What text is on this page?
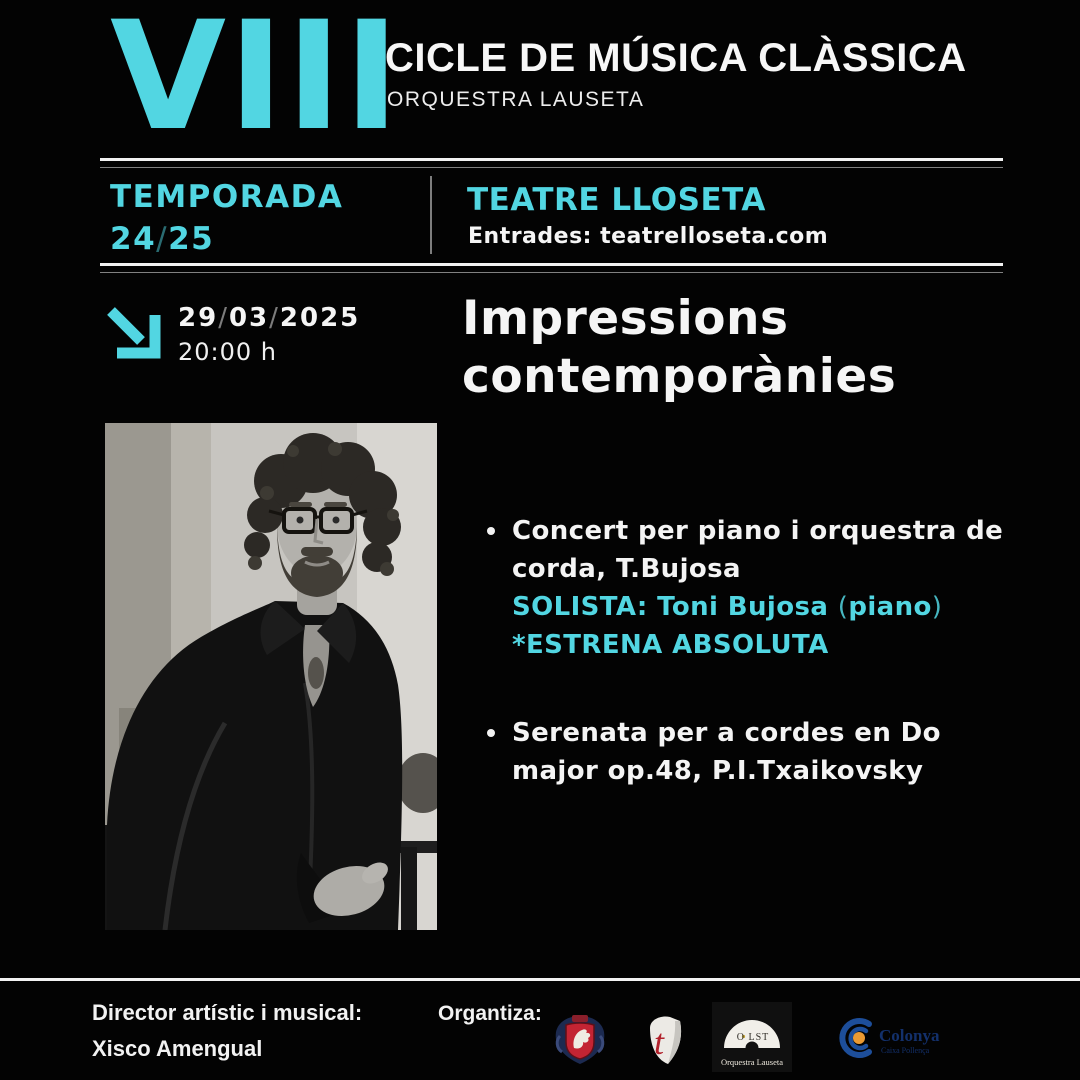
VIII
CICLE DE MÚSICA CLÀSSICA
ORQUESTRA LAUSETA
TEMPORADA
24/25
TEATRE LLOSETA
Entrades: teatrelloseta.com
29/03/2025
20:00 h
Impressions
contemporànies
Concert per piano i orquestra de
corda, T.Bujosa
SOLISTA: Toni Bujosa (piano)
*ESTRENA ABSOLUTA
Serenata per a cordes en Do
major op.48, P.I.Txaikovsky
Director artístic i musical:
Xisco Amengual
Organtiza:
t	O LST
Orquestra Lauseta
Colonya
Caixa Pollença
